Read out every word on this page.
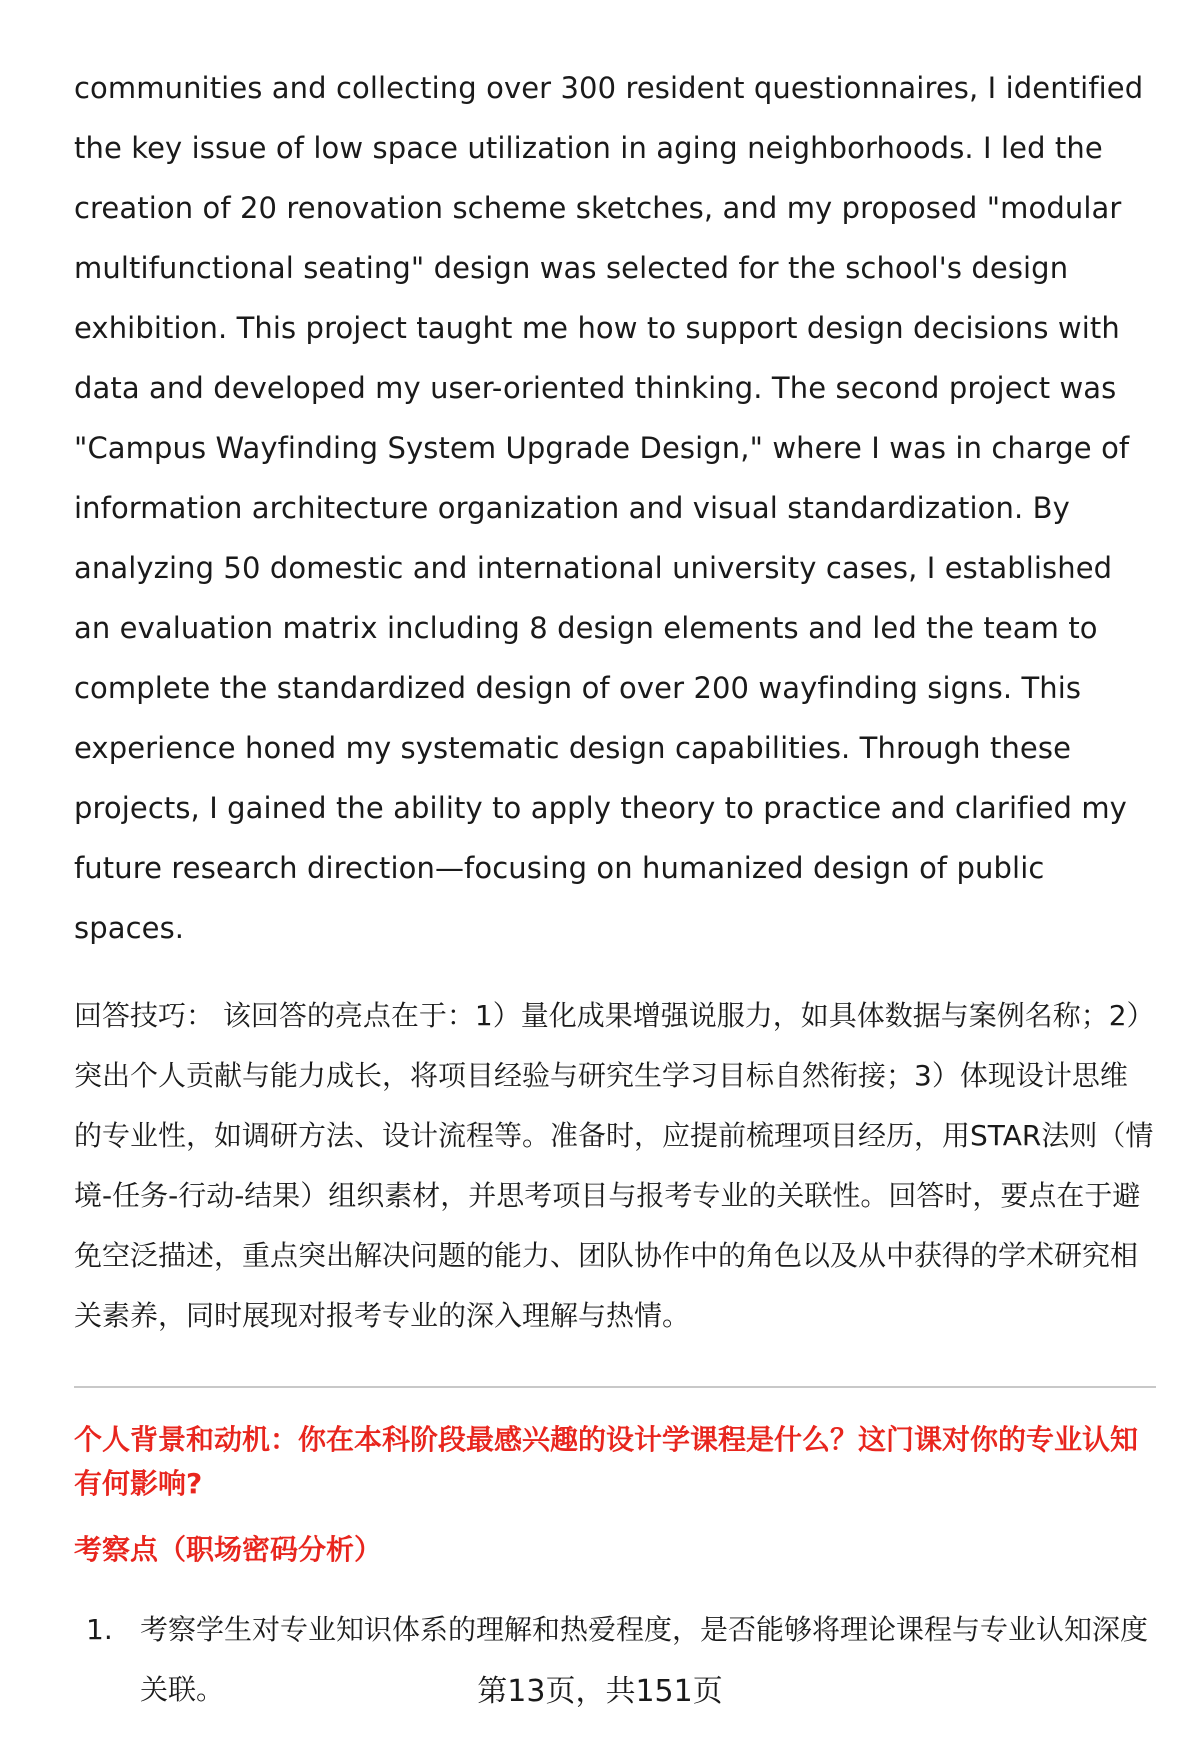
communities and collecting over 300 resident questionnaires, I identified the key issue of low space utilization in aging neighborhoods. I led the creation of 20 renovation scheme sketches, and my proposed "modular multifunctional seating" design was selected for the school's design exhibition. This project taught me how to support design decisions with data and developed my user-oriented thinking. The second project was "Campus Wayfinding System Upgrade Design," where I was in charge of information architecture organization and visual standardization. By analyzing 50 domestic and international university cases, I established an evaluation matrix including 8 design elements and led the team to complete the standardized design of over 200 wayfinding signs. This experience honed my systematic design capabilities. Through these projects, I gained the ability to apply theory to practice and clarified my future research direction—focusing on humanized design of public spaces.

回答技巧： 该回答的亮点在于：1）量化成果增强说服力，如具体数据与案例名称；2）突出个人贡献与能力成长，将项目经验与研究生学习目标自然衔接；3）体现设计思维的专业性，如调研方法、设计流程等。准备时，应提前梳理项目经历，用STAR法则（情境-任务-行动-结果）组织素材，并思考项目与报考专业的关联性。回答时，要点在于避免空泛描述，重点突出解决问题的能力、团队协作中的角色以及从中获得的学术研究相关素养，同时展现对报考专业的深入理解与热情。

个人背景和动机：你在本科阶段最感兴趣的设计学课程是什么？这门课对你的专业认知有何影响?

考察点（职场密码分析）

1. 考察学生对专业知识体系的理解和热爱程度，是否能够将理论课程与专业认知深度关联。	第13页，共151页
